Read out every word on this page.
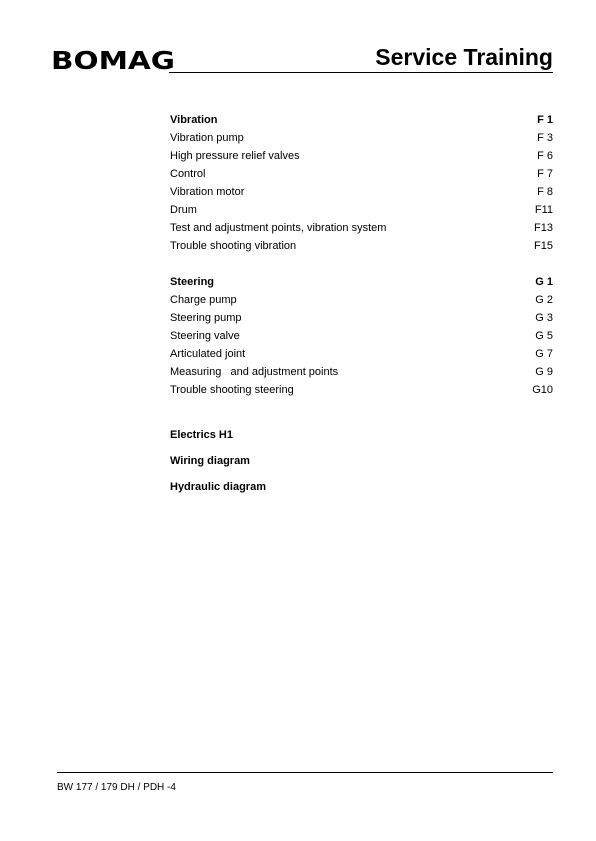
BOMAG	Service Training
Vibration	F 1
Vibration pump	F 3
High pressure relief valves	F 6
Control	F 7
Vibration motor	F 8
Drum	F11
Test and adjustment points, vibration system	F13
Trouble shooting vibration	F15
Steering	G 1
Charge pump	G 2
Steering pump	G 3
Steering valve	G 5
Articulated joint	G 7
Measuring   and adjustment points	G 9
Trouble shooting steering	G10
Electrics H1
Wiring diagram
Hydraulic diagram
BW 177 / 179 DH / PDH -4
